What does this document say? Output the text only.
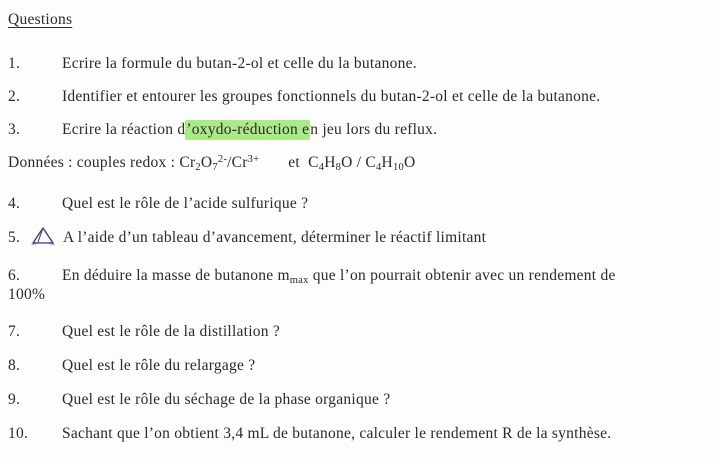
Questions

1.	Ecrire la formule du butan-2-ol et celle du la butanone.
2.	Identifier et entourer les groupes fonctionnels du butan-2-ol et celle de la butanone.
3.	Ecrire la réaction d’oxydo-réduction en jeu lors du reflux.
Données : couples redox : $Cr2O7^{2-}/Cr^{3+}$       et  C4H8O / C4H10O
4.	Quel est le rôle de l’acide sulfurique ?
5.	A l’aide d’un tableau d’avancement, déterminer le réactif limitant
6.	En déduire la masse de butanone mmax que l’on pourrait obtenir avec un rendement de
100%
7.	Quel est le rôle de la distillation ?
8.	Quel est le rôle du relargage ?
9.	Quel est le rôle du séchage de la phase organique ?
10. Sachant que l’on obtient 3,4 mL de butanone, calculer le rendement R de la synthèse.
